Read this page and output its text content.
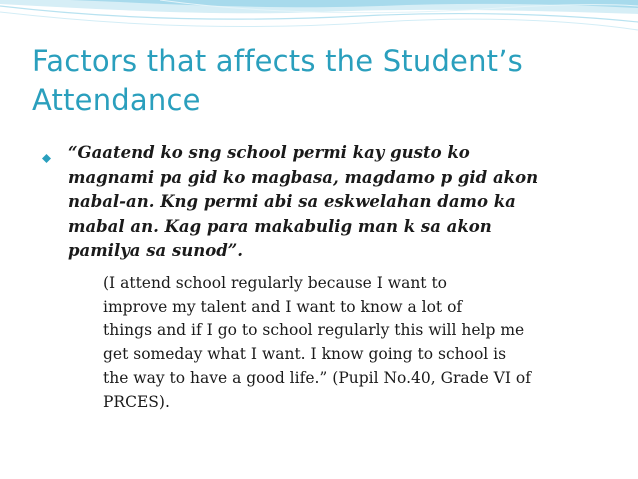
Factors that affects the Student’s
Attendance

“Gaatend ko sng school permi kay gusto ko
magnami pa gid ko magbasa, magdamo p gid akon
nabal-an. Kng permi abi sa eskwelahan damo ka
mabal an. Kag para makabulig man k sa akon
pamilya sa sunod”.

(I attend school regularly because I want to
improve my talent and I want to know a lot of
things and if I go to school regularly this will help me
get someday what I want. I know going to school is
the way to have a good life.” (Pupil No.40, Grade VI of
PRCES).
